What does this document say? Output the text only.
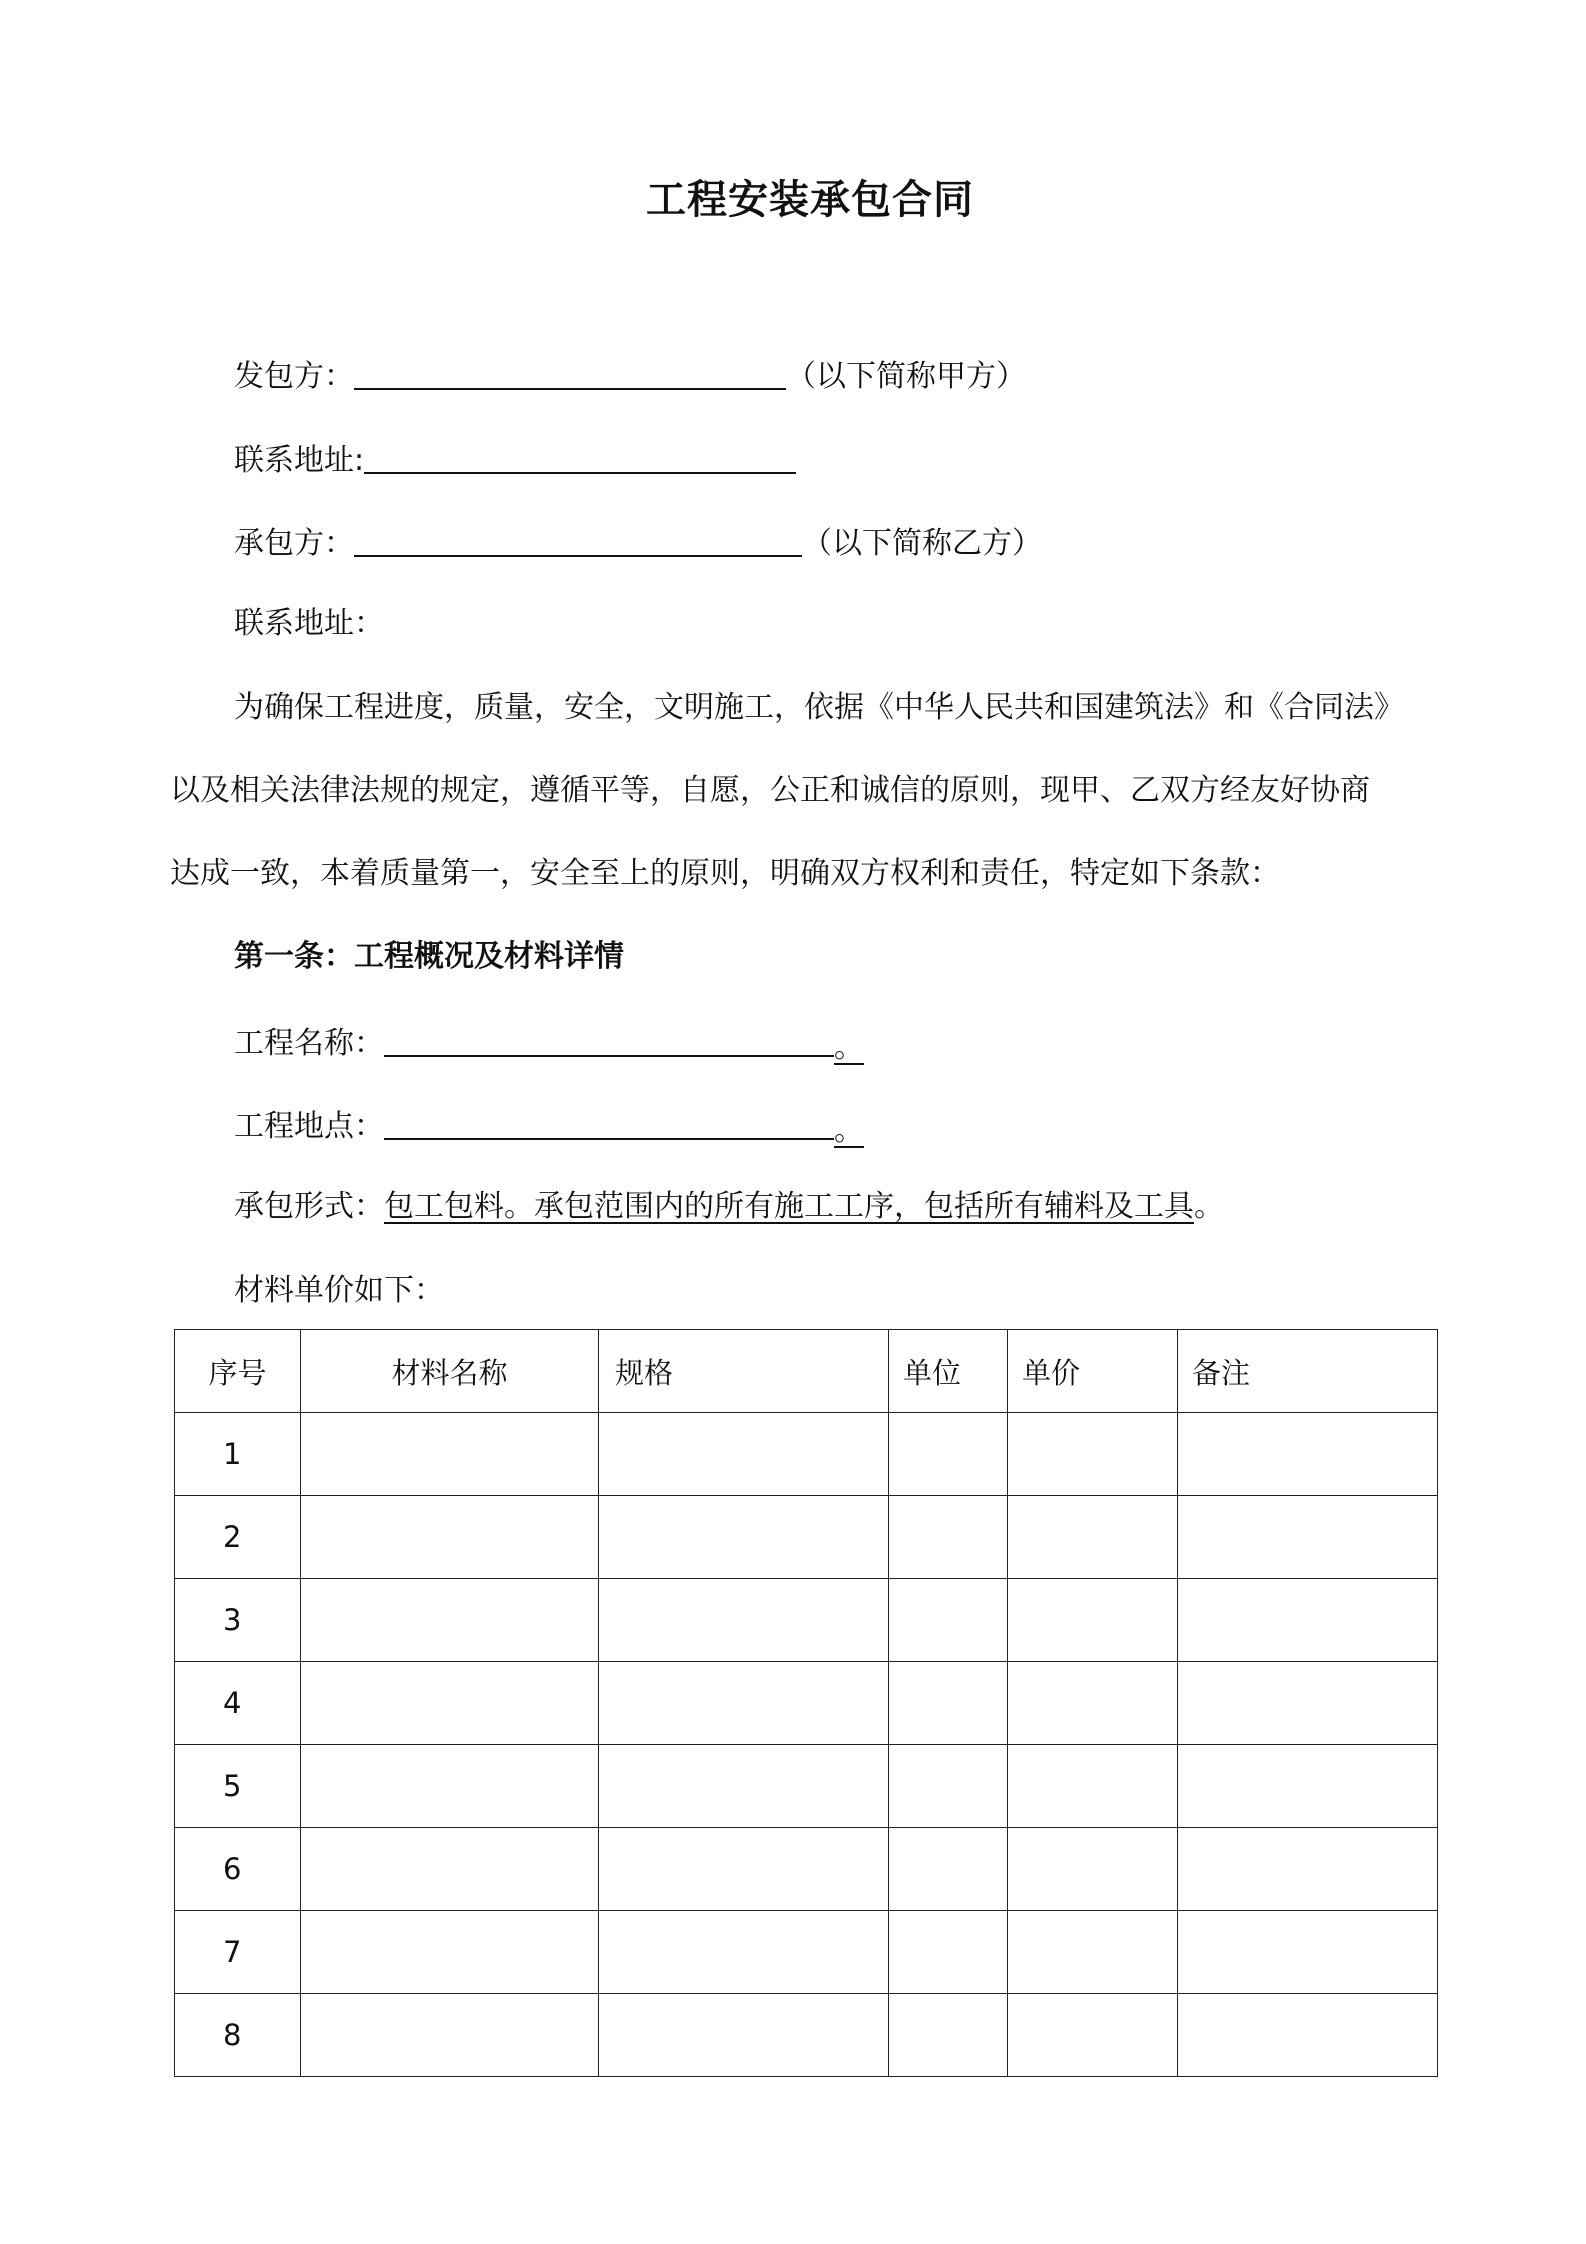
工程安装承包合同
发包方：	（以下简称甲方）
联系地址:
承包方：	（以下简称乙方）
联系地址：
为确保工程进度，质量，安全，文明施工，依据《中华人民共和国建筑法》和《合同法》
以及相关法律法规的规定，遵循平等，自愿，公正和诚信的原则，现甲、乙双方经友好协商
达成一致，本着质量第一，安全至上的原则，明确双方权利和责任，特定如下条款：
第一条：工程概况及材料详情
工程名称：	。
工程地点：	。
承包形式：包工包料。承包范围内的所有施工工序，包括所有辅料及工具。
材料单价如下：
序号	材料名称	规格	单位	单价	备注
1					
2					
3					
4					
5					
6					
7					
8					
